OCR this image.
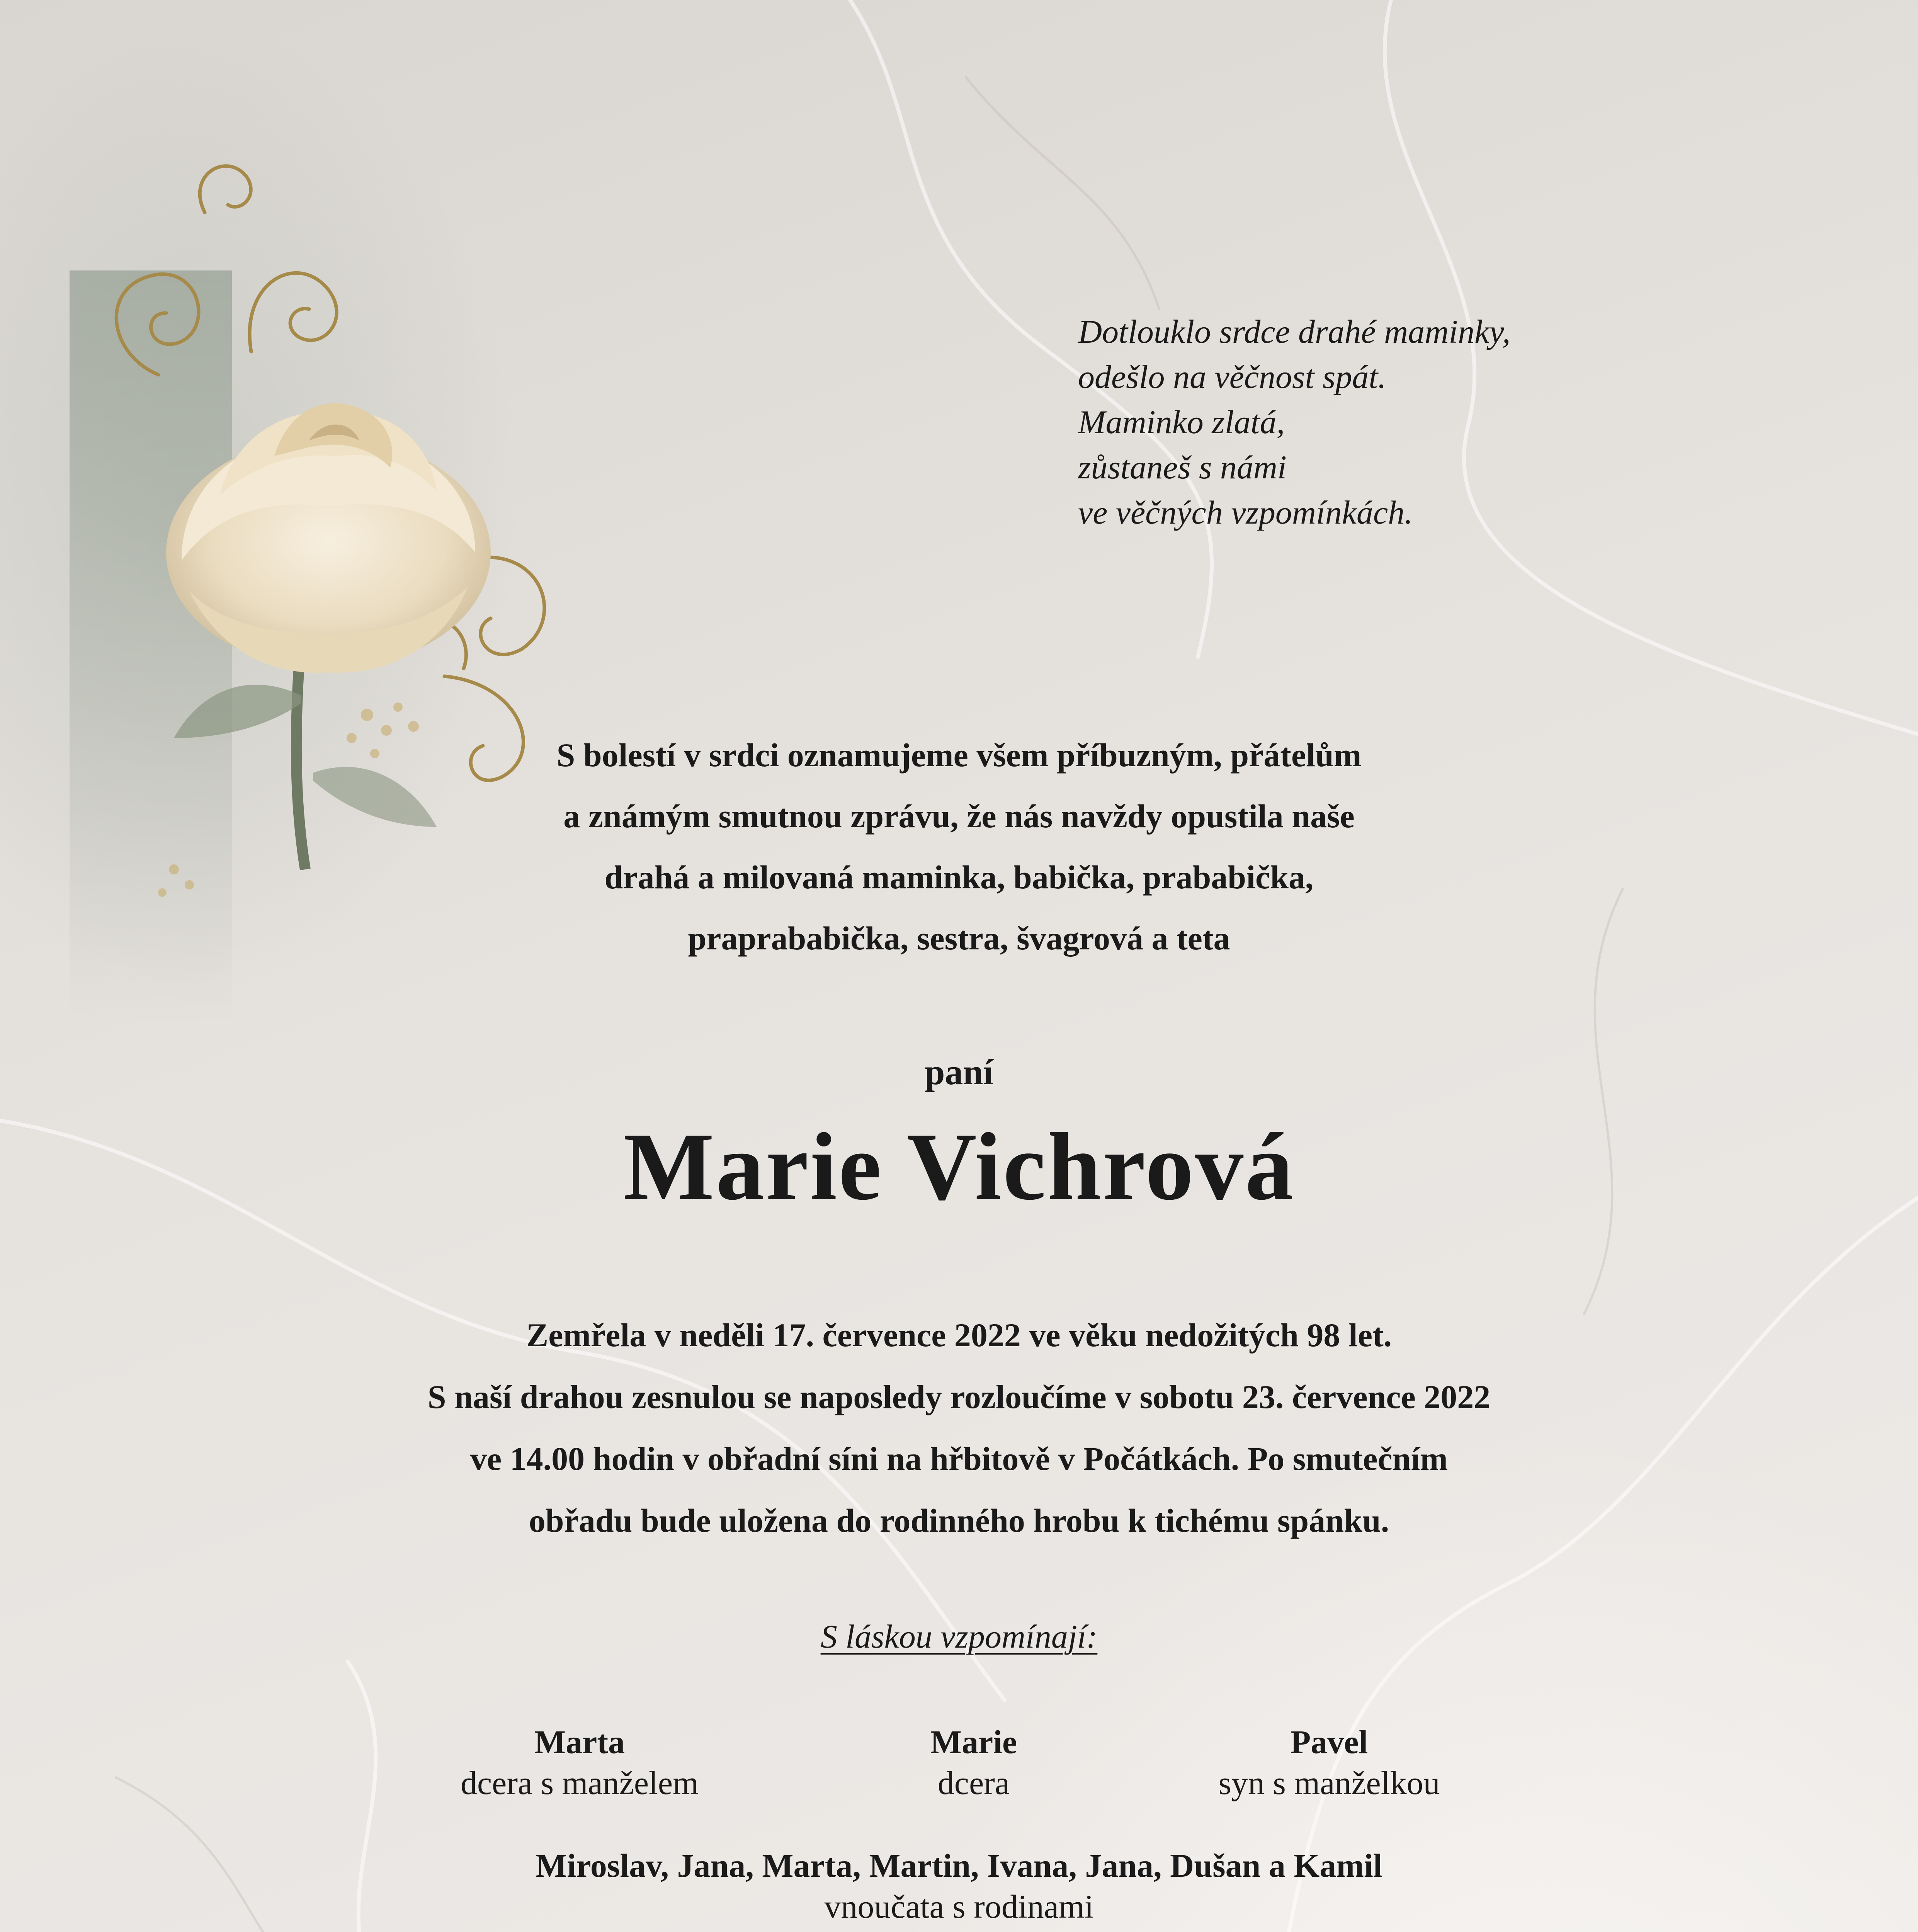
Dotlouklo srdce drahé maminky,
odešlo na věčnost spát.
Maminko zlatá,
zůstaneš s námi
ve věčných vzpomínkách.
S bolestí v srdci oznamujeme všem příbuzným, přátelům
a známým smutnou zprávu, že nás navždy opustila naše
drahá a milovaná maminka, babička, prababička,
praprababička, sestra, švagrová a teta
paní
Marie Vichrová
Zemřela v neděli 17. července 2022 ve věku nedožitých 98 let.
S naší drahou zesnulou se naposledy rozloučíme v sobotu 23. července 2022
ve 14.00 hodin v obřadní síni na hřbitově v Počátkách. Po smutečním
obřadu bude uložena do rodinného hrobu k tichému spánku.
S láskou vzpomínají:
Marta
dcera s manželem
Marie
dcera
Pavel
syn s manželkou
Miroslav, Jana, Marta, Martin, Ivana, Jana, Dušan a Kamil
vnoučata s rodinami
